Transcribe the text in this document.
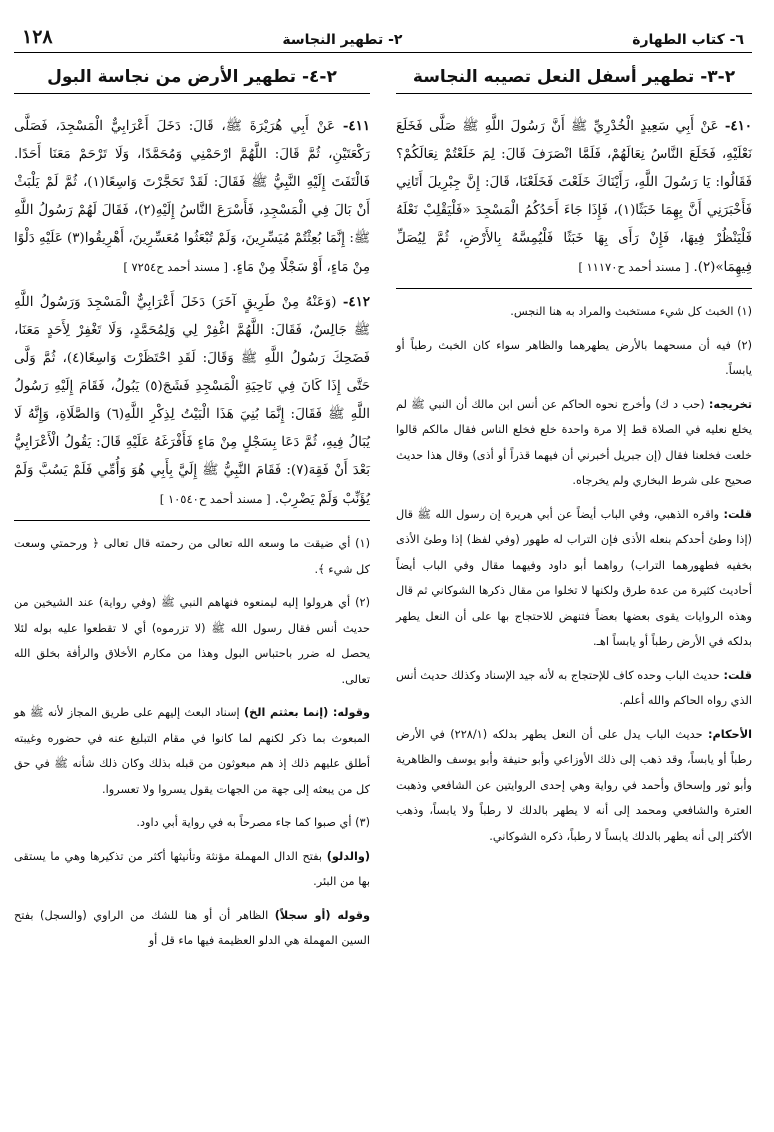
٦- كتاب الطهارة
٢- تطهير النجاسة
١٢٨
٢-٣- تطهير أسفل النعل تصيبه النجاسة

٤١٠- عَنْ أَبِي سَعِيدٍ الْخُدْرِيِّ ﷺ أَنَّ رَسُولَ اللَّهِ ﷺ صَلَّى فَخَلَعَ نَعْلَيْهِ، فَخَلَعَ النَّاسُ نِعَالَهُمْ، فَلَمَّا انْصَرَفَ قَالَ: لِمَ خَلَعْتُمْ نِعَالَكُمْ؟ فَقَالُوا: يَا رَسُولَ اللَّهِ، رَأَيْنَاكَ خَلَعْتَ فَخَلَعْنَا، قَالَ: إِنَّ جِبْرِيلَ أَتَانِي فَأَخْبَرَنِي أَنَّ بِهِمَا خَبَثًا(١)، فَإِذَا جَاءَ أَحَدُكُمُ الْمَسْجِدَ «فَلْيَقْلِبْ نَعْلَهُ فَلْيَنْظُرْ فِيهَا، فَإِنْ رَأَى بِهَا خَبَثًا فَلْيُمِسَّهُ بِالأَرْضِ، ثُمَّ لِيُصَلِّ فِيهِمَا»(٢). [ مسند أحمد ح١١١٧٠ ]

(١) الخبث كل شيء مستخبث والمراد به هنا النجس.

(٢) فيه أن مسحهما بالأرض يطهرهما والظاهر سواء كان الخبث رطباً أو يابساً.

تخريجه: (حب د ك) وأخرج نحوه الحاكم عن أنس ابن مالك أن النبي ﷺ لم يخلع نعليه في الصلاة قط إلا مرة واحدة خلع فخلع الناس فقال مالكم قالوا خلعت فخلعنا فقال (إن جبريل أخبرني أن فيهما قذراً أو أذى) وقال هذا حديث صحيح على شرط البخاري ولم يخرجاه.

قلت: واقره الذهبي، وفي الباب أيضاً عن أبي هريرة إن رسول الله ﷺ قال (إذا وطئ أحدكم بنعله الأذى فإن التراب له طهور (وفي لفظ) إذا وطئ الأذى بخفيه فطهورهما التراب) رواهما أبو داود وفيهما مقال وفي الباب أيضاً أحاديث كثيرة من عدة طرق ولكنها لا تخلوا من مقال ذكرها الشوكاني ثم قال وهذه الروايات يقوى بعضها بعضاً فتنهض للاحتجاج بها على أن النعل يطهر بدلكه في الأرض رطباً أو يابساً اهـ.

قلت: حديث الباب وحده كاف للإحتجاج به لأنه جيد الإسناد وكذلك حديث أنس الذي رواه الحاكم والله أعلم.

الأحكام: حديث الباب يدل على أن النعل يطهر بدلكه (٢٢٨/١) في الأرض رطباً أو يابساً، وقد ذهب إلى ذلك الأوزاعي وأبو حنيفة وأبو يوسف والظاهرية وأبو ثور وإسحاق وأحمد في رواية وهي إحدى الروايتين عن الشافعي وذهبت العترة والشافعي ومحمد إلى أنه لا يطهر بالدلك لا رطباً ولا يابساً، وذهب الأكثر إلى أنه يطهر بالدلك يابساً لا رطباً، ذكره الشوكاني.

٢-٤- تطهير الأرض من نجاسة البول

٤١١- عَنْ أَبِي هُرَيْرَةَ ﷺ، قَالَ: دَخَلَ أَعْرَابِيٌّ الْمَسْجِدَ، فَصَلَّى رَكْعَتَيْنِ، ثُمَّ قَالَ: اللَّهُمَّ ارْحَمْنِي وَمُحَمَّدًا، وَلَا تَرْحَمْ مَعَنَا أَحَدًا. فَالْتَفَتَ إِلَيْهِ النَّبِيُّ ﷺ فَقَالَ: لَقَدْ تَحَجَّرْتَ وَاسِعًا(١)، ثُمَّ لَمْ يَلْبَثْ أَنْ بَالَ فِي الْمَسْجِدِ، فَأَسْرَعَ النَّاسُ إِلَيْهِ(٢)، فَقَالَ لَهُمْ رَسُولُ اللَّهِ ﷺ: إِنَّمَا بُعِثْتُمْ مُيَسِّرِينَ، وَلَمْ تُبْعَثُوا مُعَسِّرِينَ، أَهْرِيقُوا(٣) عَلَيْهِ دَلْوًا مِنْ مَاءٍ، أَوْ سَجْلًا مِنْ مَاءٍ. [ مسند أحمد ح٧٢٥٤ ]

٤١٢- (وَعَنْهُ مِنْ طَرِيقٍ آخَرَ) دَخَلَ أَعْرَابِيٌّ الْمَسْجِدَ وَرَسُولُ اللَّهِ ﷺ جَالِسٌ، فَقَالَ: اللَّهُمَّ اغْفِرْ لِي وَلِمُحَمَّدٍ، وَلَا تَغْفِرْ لِأَحَدٍ مَعَنَا، فَضَحِكَ رَسُولُ اللَّهِ ﷺ وَقَالَ: لَقَدِ احْتَظَرْتَ وَاسِعًا(٤)، ثُمَّ وَلَّى حَتَّى إِذَا كَانَ فِي نَاحِيَةِ الْمَسْجِدِ فَشَجَ(٥) يَبُولُ، فَقَامَ إِلَيْهِ رَسُولُ اللَّهِ ﷺ فَقَالَ: إِنَّمَا بُنِيَ هَذَا الْبَيْتُ لِذِكْرِ اللَّهِ(٦) وَالصَّلَاةِ، وَإِنَّهُ لَا يُبَالُ فِيهِ، ثُمَّ دَعَا بِسَجْلٍ مِنْ مَاءٍ فَأَفْرَغَهُ عَلَيْهِ قَالَ: يَقُولُ الْأَعْرَابِيُّ بَعْدَ أَنْ فَقِهَ(٧): فَقَامَ النَّبِيُّ ﷺ إِلَيَّ بِأَبِي هُوَ وَأُمِّي فَلَمْ يَسُبَّ وَلَمْ يُؤَنِّبْ وَلَمْ يَضْرِبْ. [ مسند أحمد ح١٠٥٤٠ ]

(١) أي ضيقت ما وسعه الله تعالى من رحمته قال تعالى ﴿ ورحمتي وسعت كل شيء ﴾.

(٢) أي هرولوا إليه ليمنعوه فنهاهم النبي ﷺ (وفي رواية) عند الشيخين من حديث أنس فقال رسول الله ﷺ (لا تزرموه) أي لا تقطعوا عليه بوله لئلا يحصل له ضرر باحتباس البول وهذا من مكارم الأخلاق والرأفة بخلق الله تعالى.

وقوله: (إنما بعثتم الخ) إسناد البعث إليهم على طريق المجاز لأنه ﷺ هو المبعوث بما ذكر لكنهم لما كانوا في مقام التبليغ عنه في حضوره وغيبته أطلق عليهم ذلك إذ هم مبعوثون من قبله بذلك وكان ذلك شأنه ﷺ في حق كل من يبعثه إلى جهة من الجهات يقول يسروا ولا تعسروا.

(٣) أي صبوا كما جاء مصرحاً به في رواية أبي داود.

(والدلو) بفتح الدال المهملة مؤنثة وتأنيثها أكثر من تذكيرها وهي ما يستقى بها من البئر.

وقوله (أو سجلاً) الظاهر أن أو هنا للشك من الراوي (والسجل) بفتح السين المهملة هي الدلو العظيمة فيها ماء قل أو
